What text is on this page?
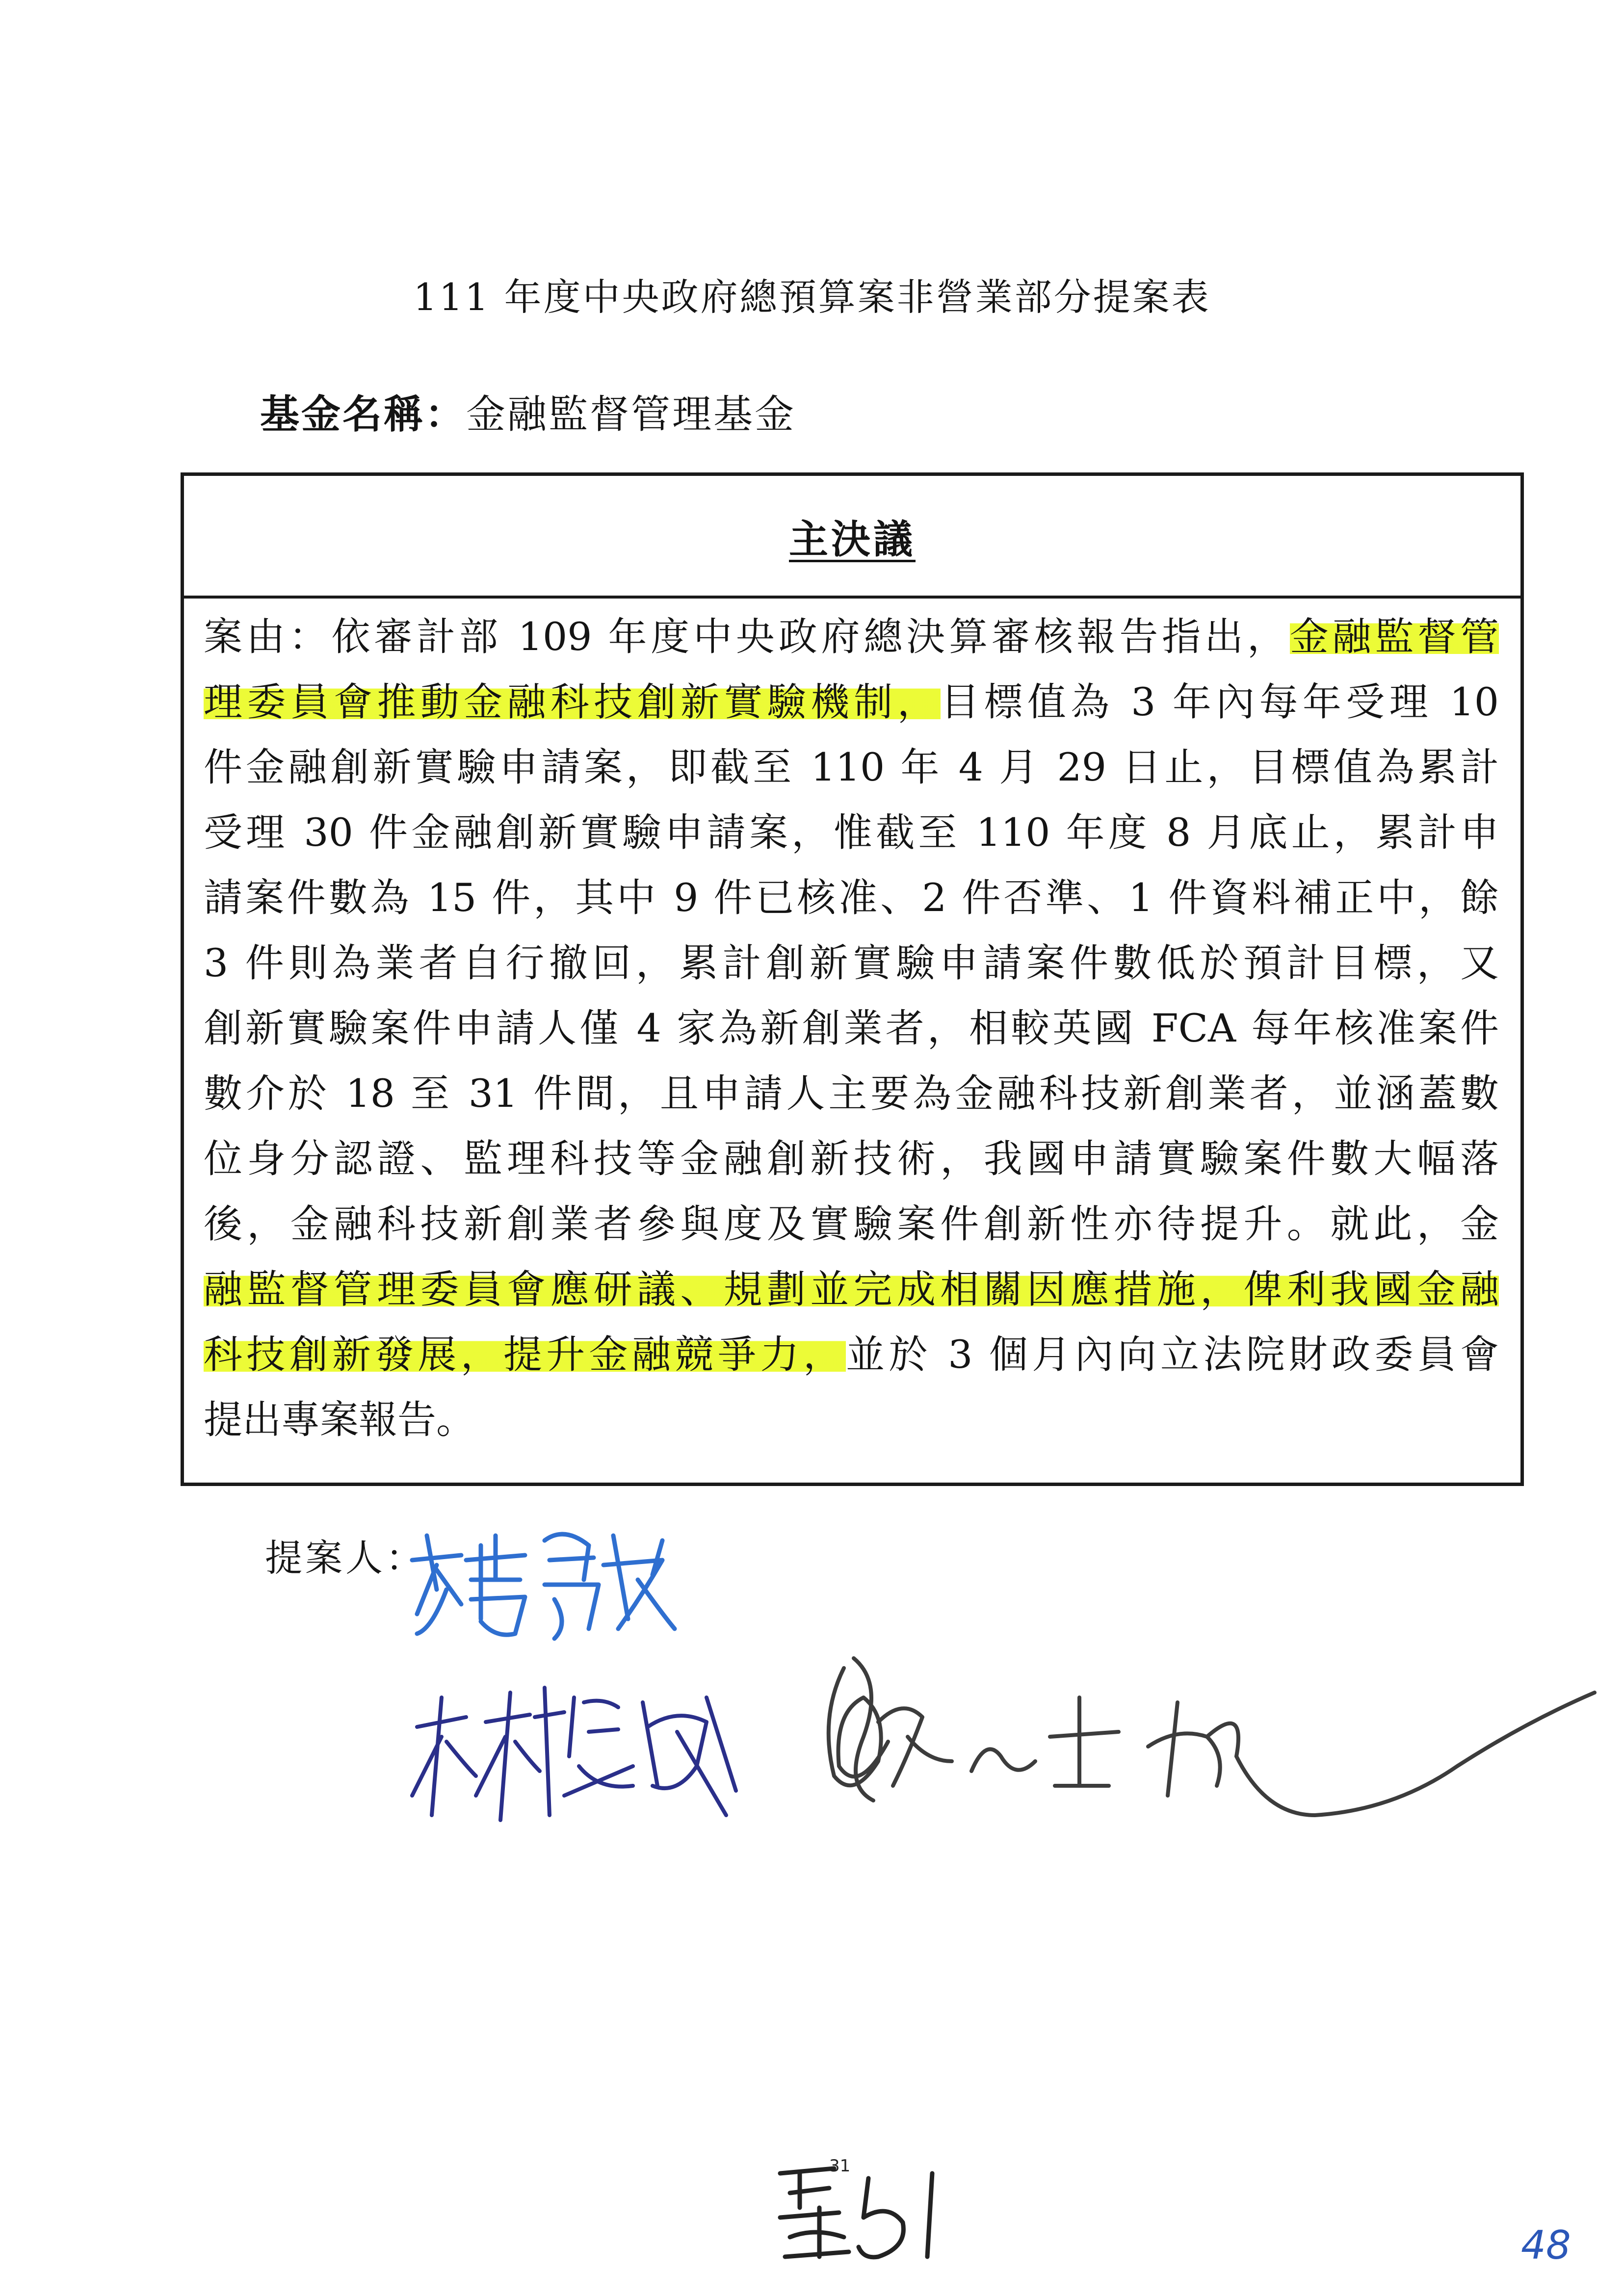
111 年度中央政府總預算案非營業部分提案表
基金名稱：金融監督管理基金
主決議
案由：依審計部 109 年度中央政府總決算審核報告指出，金融監督管
理委員會推動金融科技創新實驗機制，目標值為 3 年內每年受理 10
件金融創新實驗申請案，即截至 110 年 4 月 29 日止，目標值為累計
受理 30 件金融創新實驗申請案，惟截至 110 年度 8 月底止，累計申
請案件數為 15 件，其中 9 件已核准、2 件否準、1 件資料補正中，餘
3 件則為業者自行撤回，累計創新實驗申請案件數低於預計目標，又
創新實驗案件申請人僅 4 家為新創業者，相較英國 FCA 每年核准案件
數介於 18 至 31 件間，且申請人主要為金融科技新創業者，並涵蓋數
位身分認證、監理科技等金融創新技術，我國申請實驗案件數大幅落
後，金融科技新創業者參與度及實驗案件創新性亦待提升。就此，金
融監督管理委員會應研議、規劃並完成相關因應措施，俾利我國金融
科技創新發展，提升金融競爭力，並於 3 個月內向立法院財政委員會
提出專案報告。
提案人：
31
48
